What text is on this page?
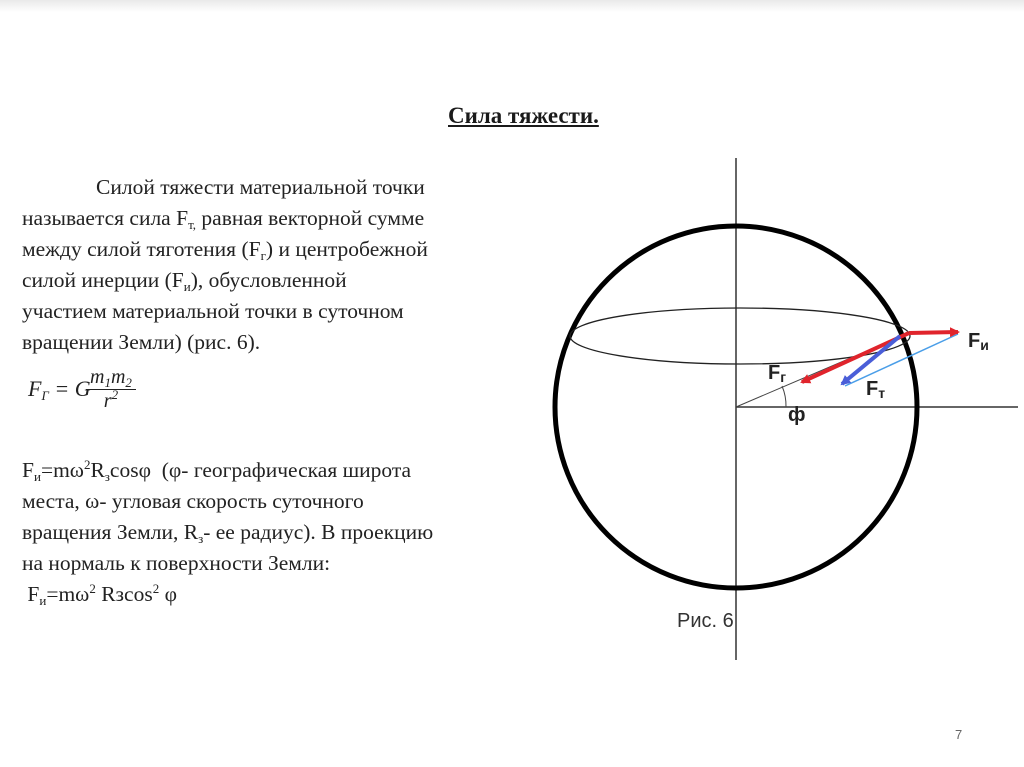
Сила тяжести.
Силой тяжести материальной точки
называется сила $F_{т,}$ равная векторной сумме
между силой тяготения $(F_г)$ и центробежной
силой инерции $(F_и)$, обусловленной
участием материальной точки в суточном
вращении Земли) (рис. 6).
$F_Г = G$
$\frac{m_1m_2}{r^2}$
$F_и=m\omega^2R_з\cos\varphi$  (φ- географическая широта
места, ω- угловая скорость суточного
вращения Земли, $R_з-$ ее радиус). В проекцию
на нормаль к поверхности Земли:
$F_и=m\omega^2$ Rзcos$^2$ φ
Fи
Fг
Fт
ф
Рис. 6
7
